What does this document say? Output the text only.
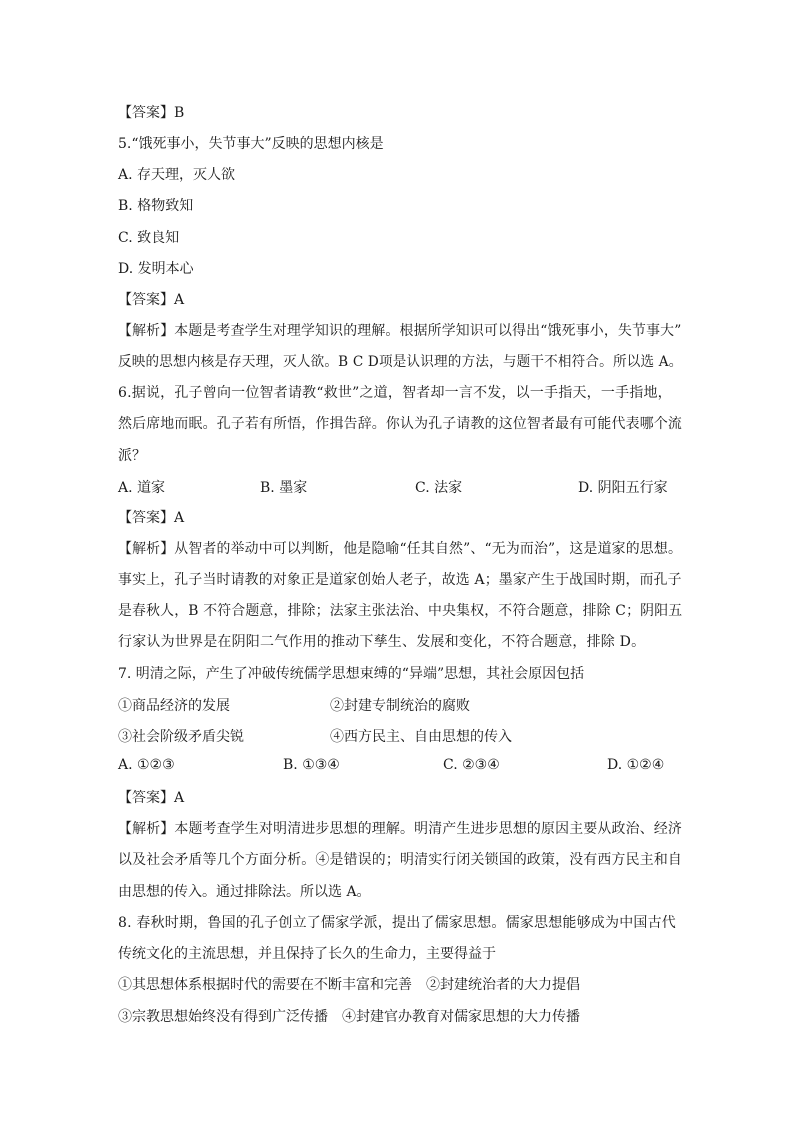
【答案】B
5.“饿死事小，失节事大”反映的思想内核是
A. 存天理，灭人欲
B. 格物致知
C. 致良知
D. 发明本心
【答案】A
【解析】本题是考查学生对理学知识的理解。根据所学知识可以得出“饿死事小，失节事大”
反映的思想内核是存天理，灭人欲。B C D项是认识理的方法，与题干不相符合。所以选 A。
6.据说，孔子曾向一位智者请教“救世”之道，智者却一言不发，以一手指天，一手指地，
然后席地而眠。孔子若有所悟，作揖告辞。你认为孔子请教的这位智者最有可能代表哪个流
派？
A. 道家	B. 墨家	C. 法家	D. 阴阳五行家
【答案】A
【解析】从智者的举动中可以判断，他是隐喻“任其自然”、“无为而治”，这是道家的思想。
事实上，孔子当时请教的对象正是道家创始人老子，故选 A；墨家产生于战国时期，而孔子
是春秋人，B 不符合题意，排除；法家主张法治、中央集权，不符合题意，排除 C；阴阳五
行家认为世界是在阴阳二气作用的推动下孳生、发展和变化，不符合题意，排除 D。
7. 明清之际，产生了冲破传统儒学思想束缚的“异端”思想，其社会原因包括
①商品经济的发展	②封建专制统治的腐败
③社会阶级矛盾尖锐	④西方民主、自由思想的传入
A. ①②③	B. ①③④	C. ②③④	D. ①②④
【答案】A
【解析】本题考查学生对明清进步思想的理解。明清产生进步思想的原因主要从政治、经济
以及社会矛盾等几个方面分析。④是错误的；明清实行闭关锁国的政策，没有西方民主和自
由思想的传入。通过排除法。所以选 A。
8. 春秋时期，鲁国的孔子创立了儒家学派，提出了儒家思想。儒家思想能够成为中国古代
传统文化的主流思想，并且保持了长久的生命力，主要得益于
①其思想体系根据时代的需要在不断丰富和完善　②封建统治者的大力提倡
③宗教思想始终没有得到广泛传播　④封建官办教育对儒家思想的大力传播
